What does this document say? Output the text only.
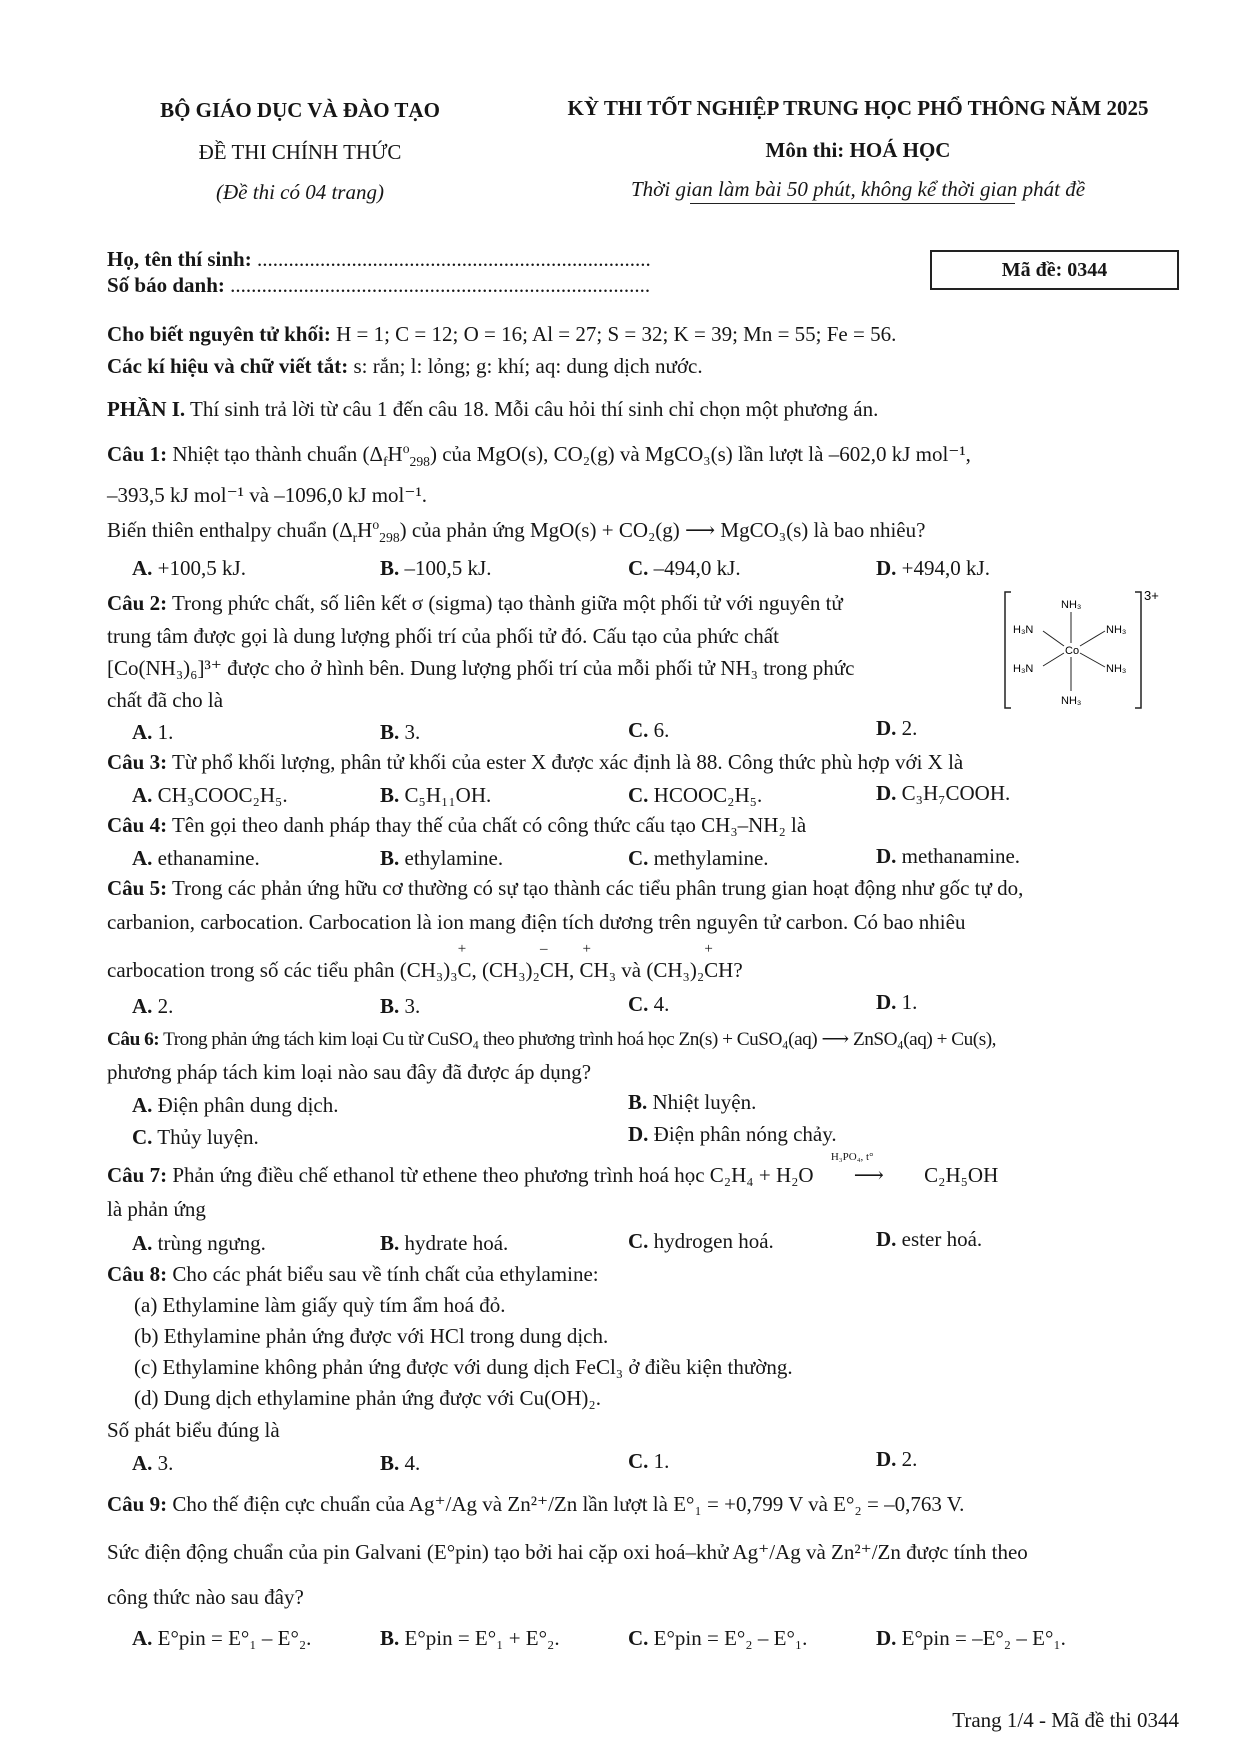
BỘ GIÁO DỤC VÀ ĐÀO TẠO
ĐỀ THI CHÍNH THỨC
(Đề thi có 04 trang)
KỲ THI TỐT NGHIỆP TRUNG HỌC PHỔ THÔNG NĂM 2025
Môn thi: HOÁ HỌC
Thời gian làm bài 50 phút, không kể thời gian phát đề
Họ, tên thí sinh: ...........................................................................
Số báo danh: ................................................................................
Mã đề: 0344
Cho biết nguyên tử khối: H = 1; C = 12; O = 16; Al = 27; S = 32; K = 39; Mn = 55; Fe = 56.
Các kí hiệu và chữ viết tắt: s: rắn; l: lỏng; g: khí; aq: dung dịch nước.
PHẦN I. Thí sinh trả lời từ câu 1 đến câu 18. Mỗi câu hỏi thí sinh chỉ chọn một phương án.
Câu 1: Nhiệt tạo thành chuẩn $(\Delta_fH^o_{298})$ của MgO(s), CO₂(g) và MgCO₃(s) lần lượt là –602,0 kJ mol⁻¹,
–393,5 kJ mol⁻¹ và –1096,0 kJ mol⁻¹.
Biến thiên enthalpy chuẩn $(\Delta_rH^o_{298})$ của phản ứng MgO(s) + CO₂(g) ⟶ MgCO₃(s) là bao nhiêu?
A. +100,5 kJ.	B. –100,5 kJ.	C. –494,0 kJ.	D. +494,0 kJ.
Câu 2: Trong phức chất, số liên kết σ (sigma) tạo thành giữa một phối tử với nguyên tử
trung tâm được gọi là dung lượng phối trí của phối tử đó. Cấu tạo của phức chất
[Co(NH₃)₆]³⁺ được cho ở hình bên. Dung lượng phối trí của mỗi phối tử NH₃ trong phức
chất đã cho là
3+
NH₃
NH₃
H₃N
H₃N
NH₃
NH₃
Co
A. 1.	B. 3.	C. 6.	D. 2.
Câu 3: Từ phổ khối lượng, phân tử khối của ester X được xác định là 88. Công thức phù hợp với X là
A. CH₃COOC₂H₅.	B. C₅H₁₁OH.	C. HCOOC₂H₅.	D. C₃H₇COOH.
Câu 4: Tên gọi theo danh pháp thay thế của chất có công thức cấu tạo CH₃–NH₂ là
A. ethanamine.	B. ethylamine.	C. methylamine.	D. methanamine.
Câu 5: Trong các phản ứng hữu cơ thường có sự tạo thành các tiểu phân trung gian hoạt động như gốc tự do,
carbanion, carbocation. Carbocation là ion mang điện tích dương trên nguyên tử carbon. Có bao nhiêu
carbocation trong số các tiểu phân (CH₃)₃C
+
, (CH₃)₂CH
–
, CH₃
+
và (CH₃)₂CH
+
?
A. 2.	B. 3.	C. 4.	D. 1.
Câu 6: Trong phản ứng tách kim loại Cu từ CuSO₄ theo phương trình hoá học Zn(s) + CuSO₄(aq) ⟶ ZnSO₄(aq) + Cu(s),
phương pháp tách kim loại nào sau đây đã được áp dụng?
A. Điện phân dung dịch.	B. Nhiệt luyện.
C. Thủy luyện.	D. Điện phân nóng chảy.
Câu 7: Phản ứng điều chế ethanol từ ethene theo phương trình hoá học C₂H₄ + H₂O
H₃PO₄, t°
⟶ C₂H₅OH
là phản ứng
A. trùng ngưng.	B. hydrate hoá.	C. hydrogen hoá.	D. ester hoá.
Câu 8: Cho các phát biểu sau về tính chất của ethylamine:
(a) Ethylamine làm giấy quỳ tím ẩm hoá đỏ.
(b) Ethylamine phản ứng được với HCl trong dung dịch.
(c) Ethylamine không phản ứng được với dung dịch FeCl₃ ở điều kiện thường.
(d) Dung dịch ethylamine phản ứng được với Cu(OH)₂.
Số phát biểu đúng là
A. 3.	B. 4.	C. 1.	D. 2.
Câu 9: Cho thế điện cực chuẩn của Ag⁺/Ag và Zn²⁺/Zn lần lượt là E°₁ = +0,799 V và E°₂ = –0,763 V.
Sức điện động chuẩn của pin Galvani (E°pin) tạo bởi hai cặp oxi hoá–khử Ag⁺/Ag và Zn²⁺/Zn được tính theo
công thức nào sau đây?
A. E°pin = E°₁ – E°₂.	B. E°pin = E°₁ + E°₂.	C. E°pin = E°₂ – E°₁.	D. E°pin = –E°₂ – E°₁.
Trang 1/4 - Mã đề thi 0344
